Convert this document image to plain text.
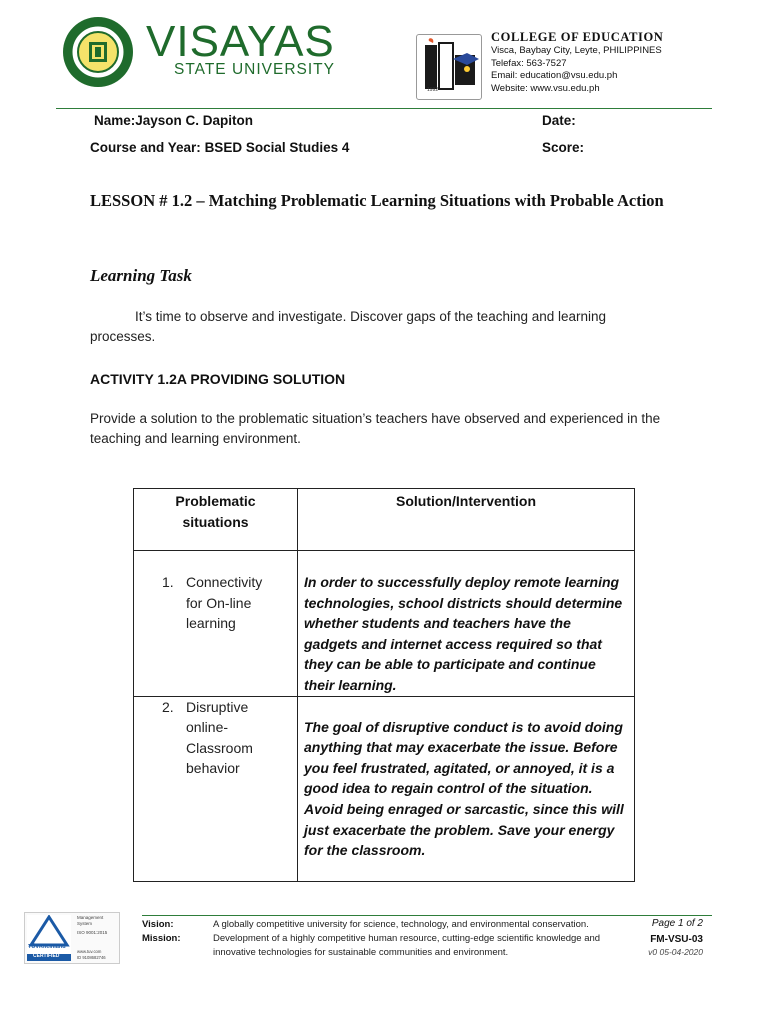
VISAYAS
STATE UNIVERSITY
1992
COLLEGE OF EDUCATION
Visca, Baybay City, Leyte, PHILIPPINES
Telefax: 563-7527
Email: education@vsu.edu.ph
Website: www.vsu.edu.ph
Name:Jayson C. Dapiton	Date:
Course and Year: BSED Social Studies 4	Score:
LESSON # 1.2 – Matching Problematic Learning Situations with Probable Action
Learning Task
It’s time to observe and investigate. Discover gaps of the teaching and learning processes.
ACTIVITY 1.2A PROVIDING SOLUTION
Provide a solution to the problematic situation’s teachers have observed and experienced in the teaching and learning environment.
Problematic situations	Solution/Intervention

1. Connectivity for On-line learning	In order to successfully deploy remote learning technologies, school districts should determine whether students and teachers have the gadgets and internet access required so that they can be able to participate and continue their learning.

2. Disruptive online- Classroom behavior	The goal of disruptive conduct is to avoid doing anything that may exacerbate the issue. Before you feel frustrated, agitated, or annoyed, it is a good idea to regain control of the situation. Avoid being enraged or sarcastic, since this will just exacerbate the problem. Save your energy for the classroom.
TÜVRheinland
CERTIFIED
Management System
ISO 9001:2015
www.tuv.com
ID 9108682746
Vision:	A globally competitive university for science, technology, and environmental conservation.
Mission:	Development of a highly competitive human resource, cutting-edge scientific knowledge and innovative technologies for sustainable communities and environment.
Page 1 of 2
FM-VSU-03
v0 05-04-2020
